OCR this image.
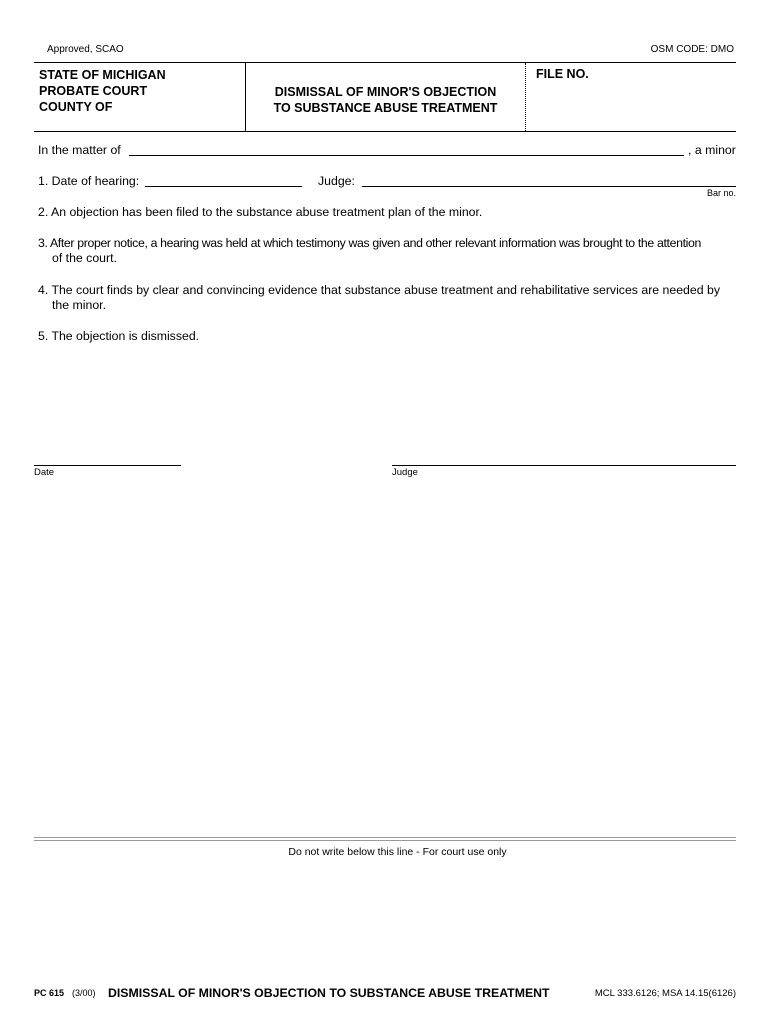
Approved, SCAO	OSM CODE: DMO
STATE OF MICHIGAN
PROBATE COURT
COUNTY OF
DISMISSAL OF MINOR'S OBJECTION
TO SUBSTANCE ABUSE TREATMENT
FILE NO.
In the matter of	, a minor
1. Date of hearing:	Judge:
Bar no.
2. An objection has been filed to the substance abuse treatment plan of the minor.
3. After proper notice, a hearing was held at which testimony was given and other relevant information was brought to the attention
of the court.
4. The court finds by clear and convincing evidence that substance abuse treatment and rehabilitative services are needed by
the minor.
5. The objection is dismissed.
Date	Judge
Do not write below this line - For court use only
PC 615 (3/00) DISMISSAL OF MINOR'S OBJECTION TO SUBSTANCE ABUSE TREATMENT	MCL 333.6126; MSA 14.15(6126)
